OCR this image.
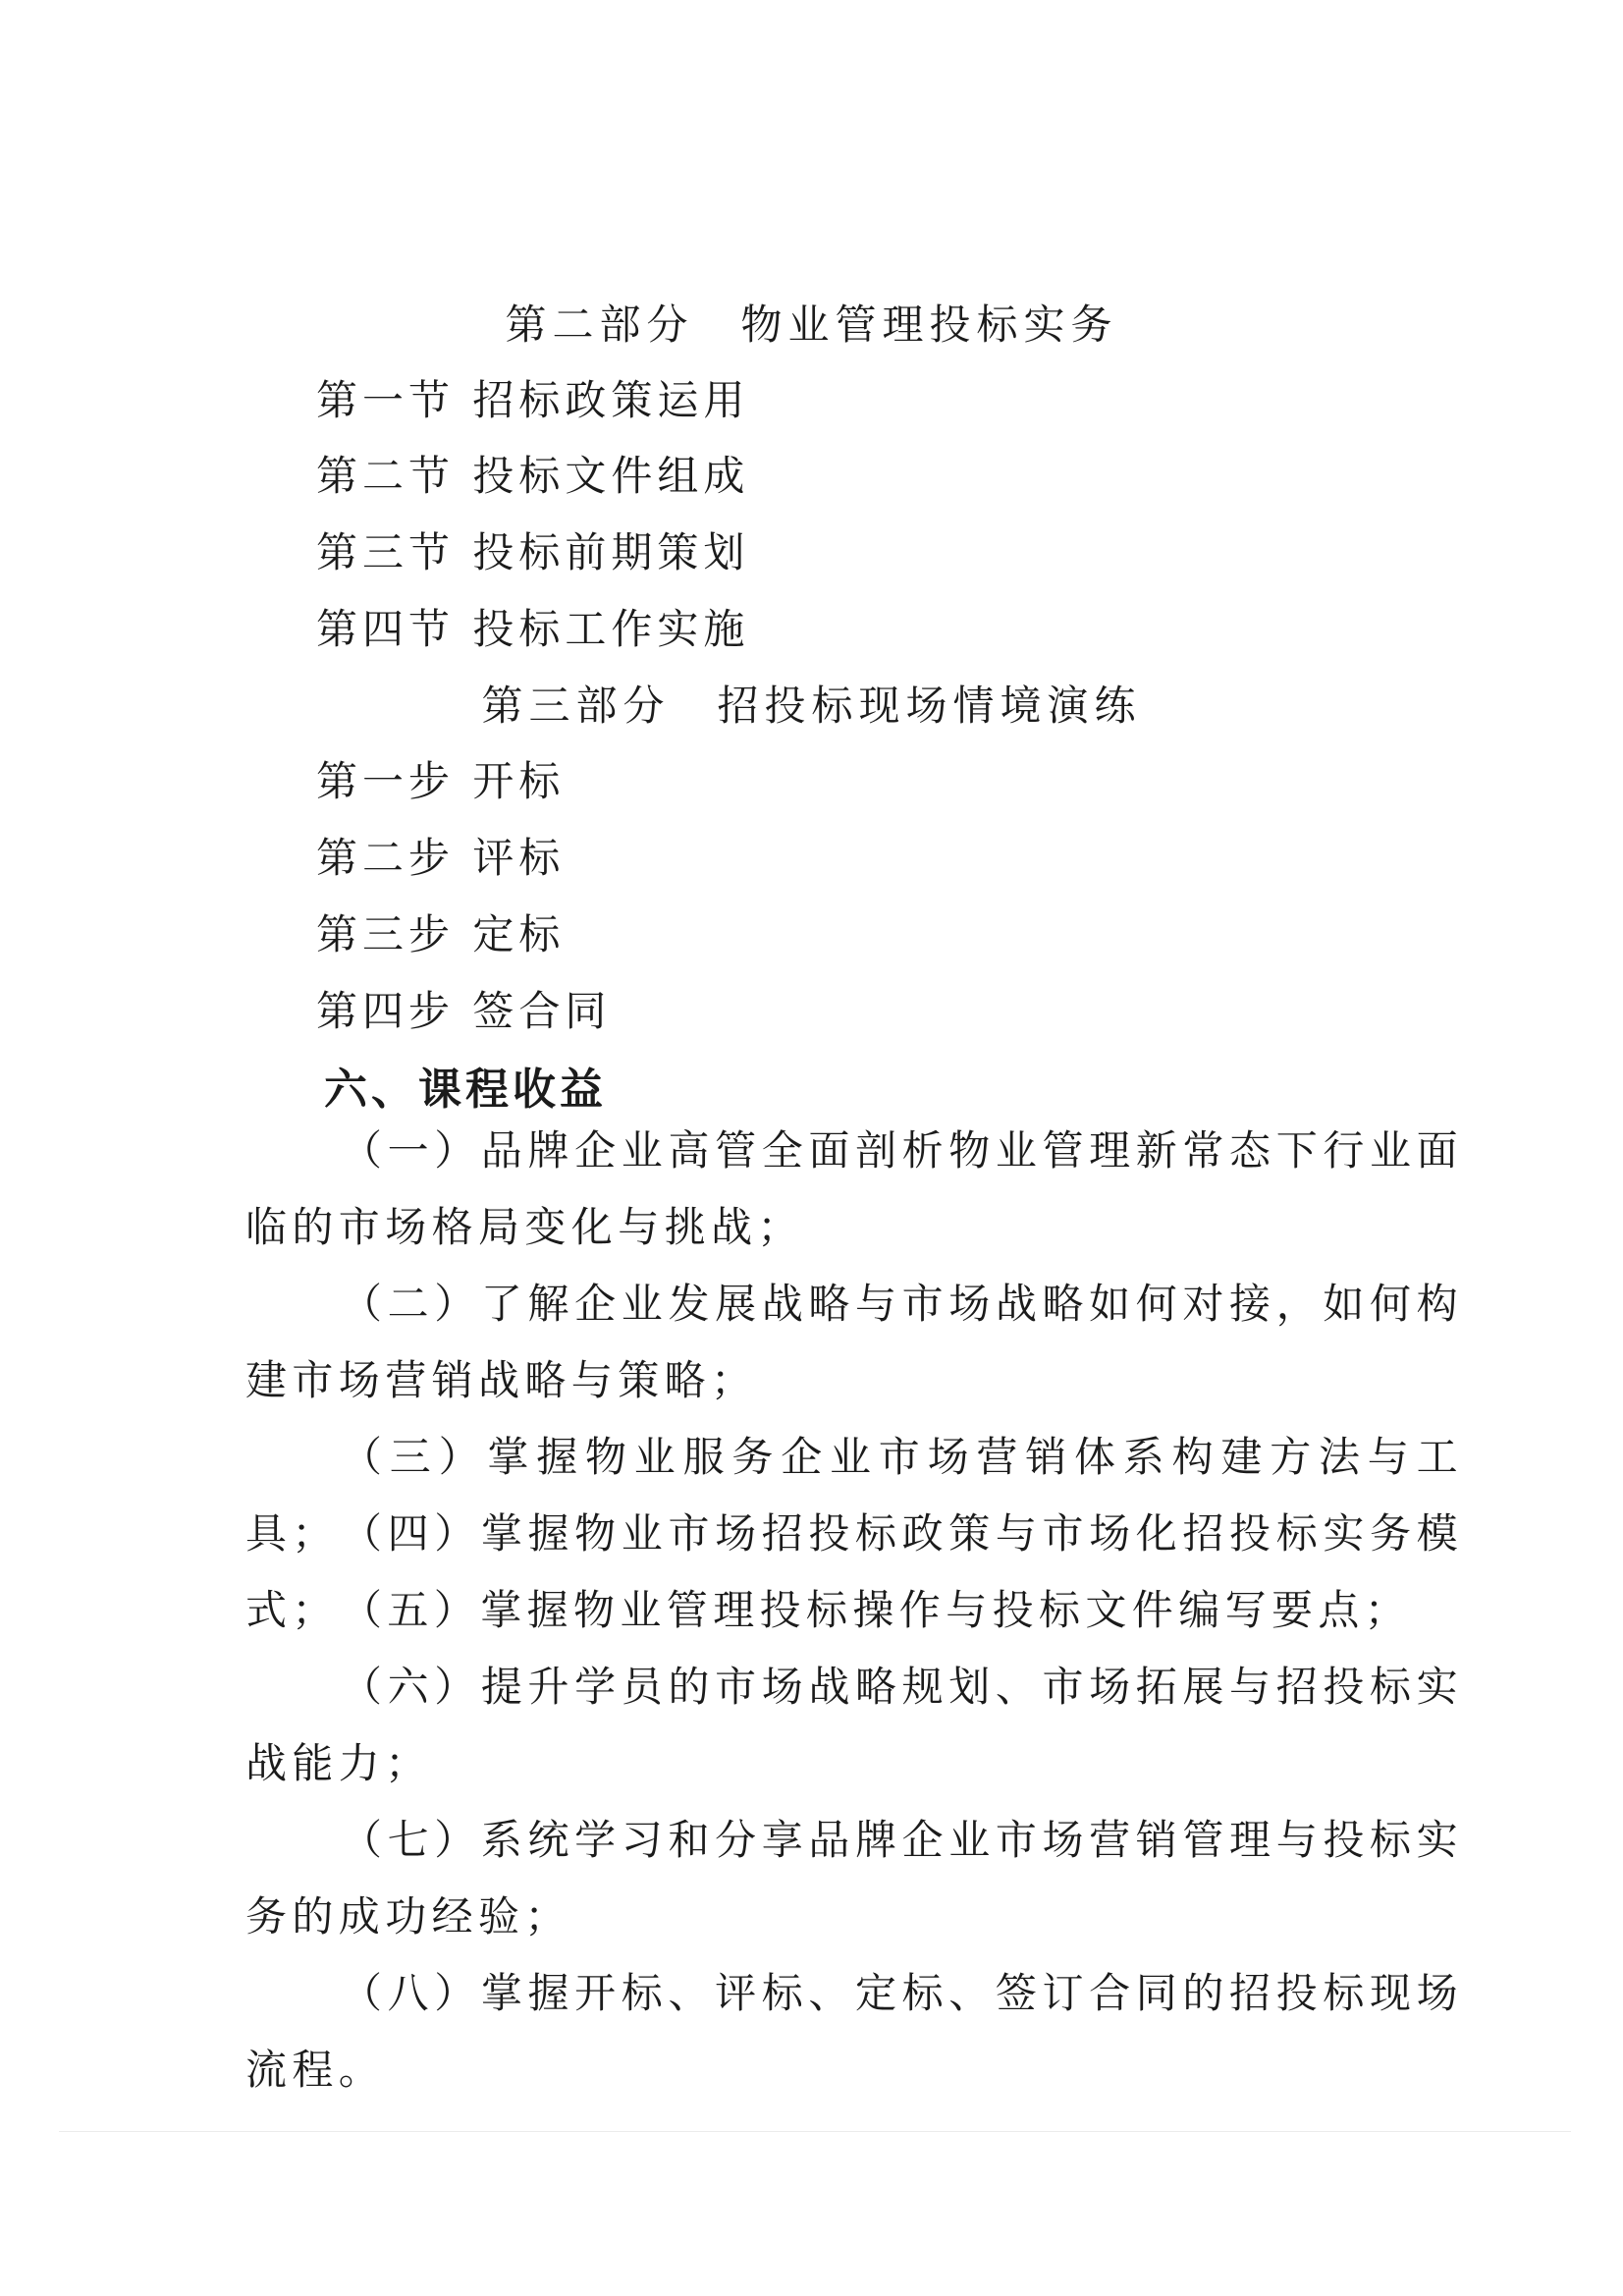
第二部分　物业管理投标实务
第一节 招标政策运用
第二节 投标文件组成
第三节 投标前期策划
第四节 投标工作实施
第三部分　招投标现场情境演练
第一步 开标
第二步 评标
第三步 定标
第四步 签合同
六、课程收益
（一）品牌企业高管全面剖析物业管理新常态下行业面临的市场格局变化与挑战；
（二）了解企业发展战略与市场战略如何对接，如何构建市场营销战略与策略；
（三）掌握物业服务企业市场营销体系构建方法与工具； （四）掌握物业市场招投标政策与市场化招投标实务模式； （五）掌握物业管理投标操作与投标文件编写要点；
（六）提升学员的市场战略规划、市场拓展与招投标实战能力；
（七）系统学习和分享品牌企业市场营销管理与投标实务的成功经验；
（八）掌握开标、评标、定标、签订合同的招投标现场流程。
